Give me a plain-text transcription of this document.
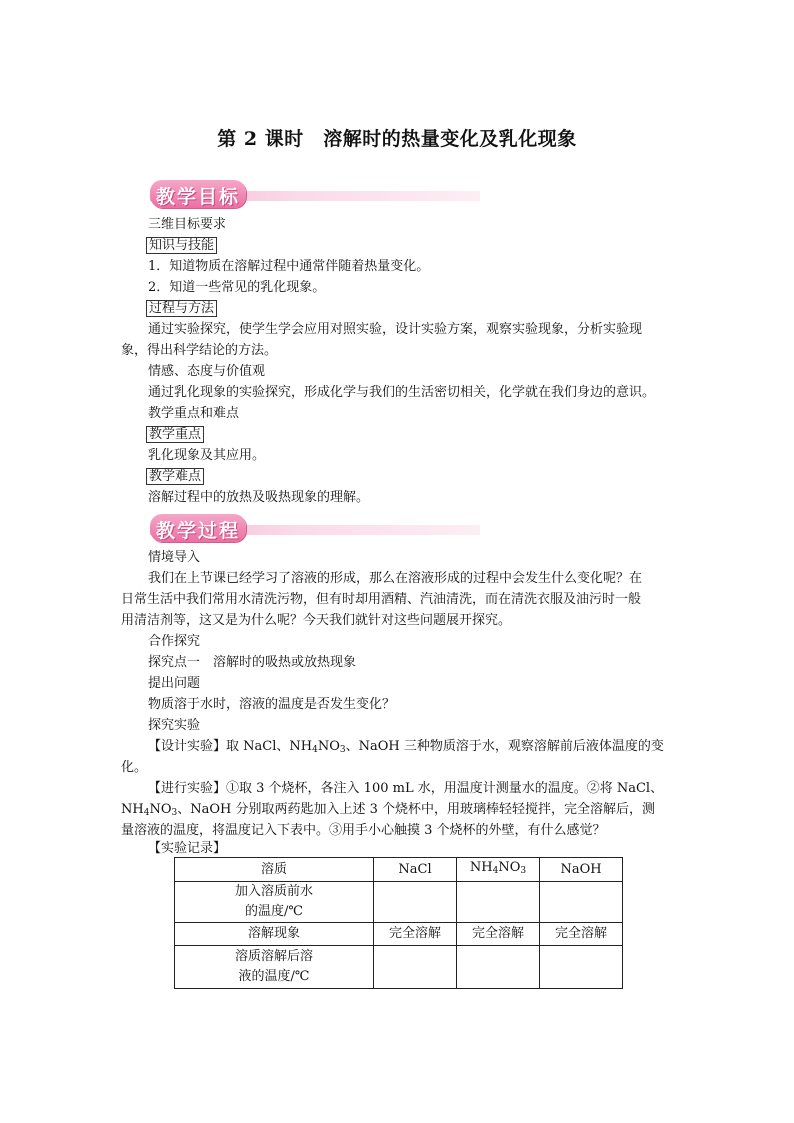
第 2 课时　溶解时的热量变化及乳化现象
教学目标
三维目标要求
知识与技能
1．知道物质在溶解过程中通常伴随着热量变化。
2．知道一些常见的乳化现象。
过程与方法
通过实验探究，使学生学会应用对照实验，设计实验方案，观察实验现象，分析实验现
象，得出科学结论的方法。
情感、态度与价值观
通过乳化现象的实验探究，形成化学与我们的生活密切相关，化学就在我们身边的意识。
教学重点和难点
教学重点
乳化现象及其应用。
教学难点
溶解过程中的放热及吸热现象的理解。
教学过程
情境导入
我们在上节课已经学习了溶液的形成，那么在溶液形成的过程中会发生什么变化呢？在
日常生活中我们常用水清洗污物，但有时却用酒精、汽油清洗，而在清洗衣服及油污时一般
用清洁剂等，这又是为什么呢？今天我们就针对这些问题展开探究。
合作探究
探究点一　溶解时的吸热或放热现象
提出问题
物质溶于水时，溶液的温度是否发生变化？
探究实验
【设计实验】取 NaCl、$NH_4NO_3$、NaOH 三种物质溶于水，观察溶解前后液体温度的变
化。
【进行实验】①取 3 个烧杯，各注入 100 mL 水，用温度计测量水的温度。②将 NaCl、
$NH_4NO_3$、NaOH 分别取两药匙加入上述 3 个烧杯中，用玻璃棒轻轻搅拌，完全溶解后，测
量溶液的温度，将温度记入下表中。③用手小心触摸 3 个烧杯的外壁，有什么感觉？
【实验记录】
溶质	NaCl	$NH_4NO_3$	NaOH
加入溶质前水
的温度/℃			
溶解现象	完全溶解	完全溶解	完全溶解
溶质溶解后溶
液的温度/℃			
